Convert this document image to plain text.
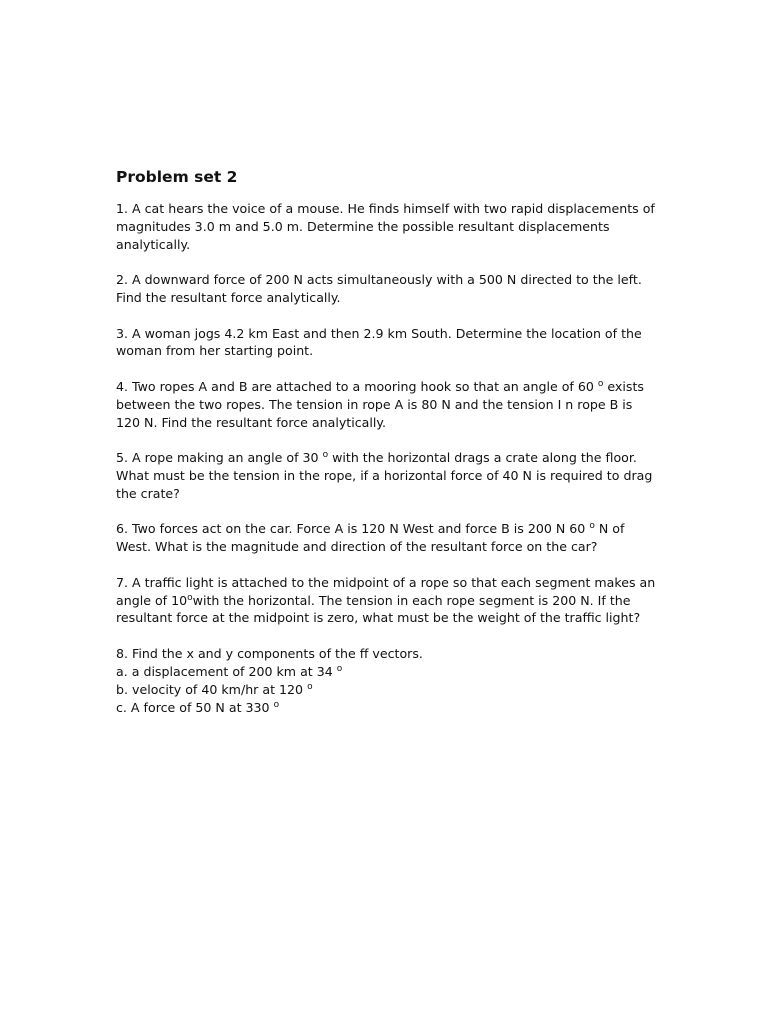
Problem set 2

1. A cat hears the voice of a mouse. He finds himself with two rapid displacements of

magnitudes 3.0 m and 5.0 m. Determine the possible resultant displacements

analytically.

2. A downward force of 200 N acts simultaneously with a 500 N directed to the left.

Find the resultant force analytically.

3. A woman jogs 4.2 km East and then 2.9 km South. Determine the location of the

woman from her starting point.

4. Two ropes A and B are attached to a mooring hook so that an angle of 60 $^o$ exists

between the two ropes. The tension in rope A is 80 N and the tension I n rope B is

120 N. Find the resultant force analytically.

5. A rope making an angle of 30 $^o$ with the horizontal drags a crate along the floor.

What must be the tension in the rope, if a horizontal force of 40 N is required to drag

the crate?

6. Two forces act on the car. Force A is 120 N West and force B is 200 N 60 $^o$ N of

West. What is the magnitude and direction of the resultant force on the car?

7. A traffic light is attached to the midpoint of a rope so that each segment makes an

angle of 10$^o$with the horizontal. The tension in each rope segment is 200 N. If the

resultant force at the midpoint is zero, what must be the weight of the traffic light?

8. Find the x and y components of the ff vectors.

a. a displacement of 200 km at 34 $^o$

b. velocity of 40 km/hr at 120 $^o$

c. A force of 50 N at 330 $^o$
